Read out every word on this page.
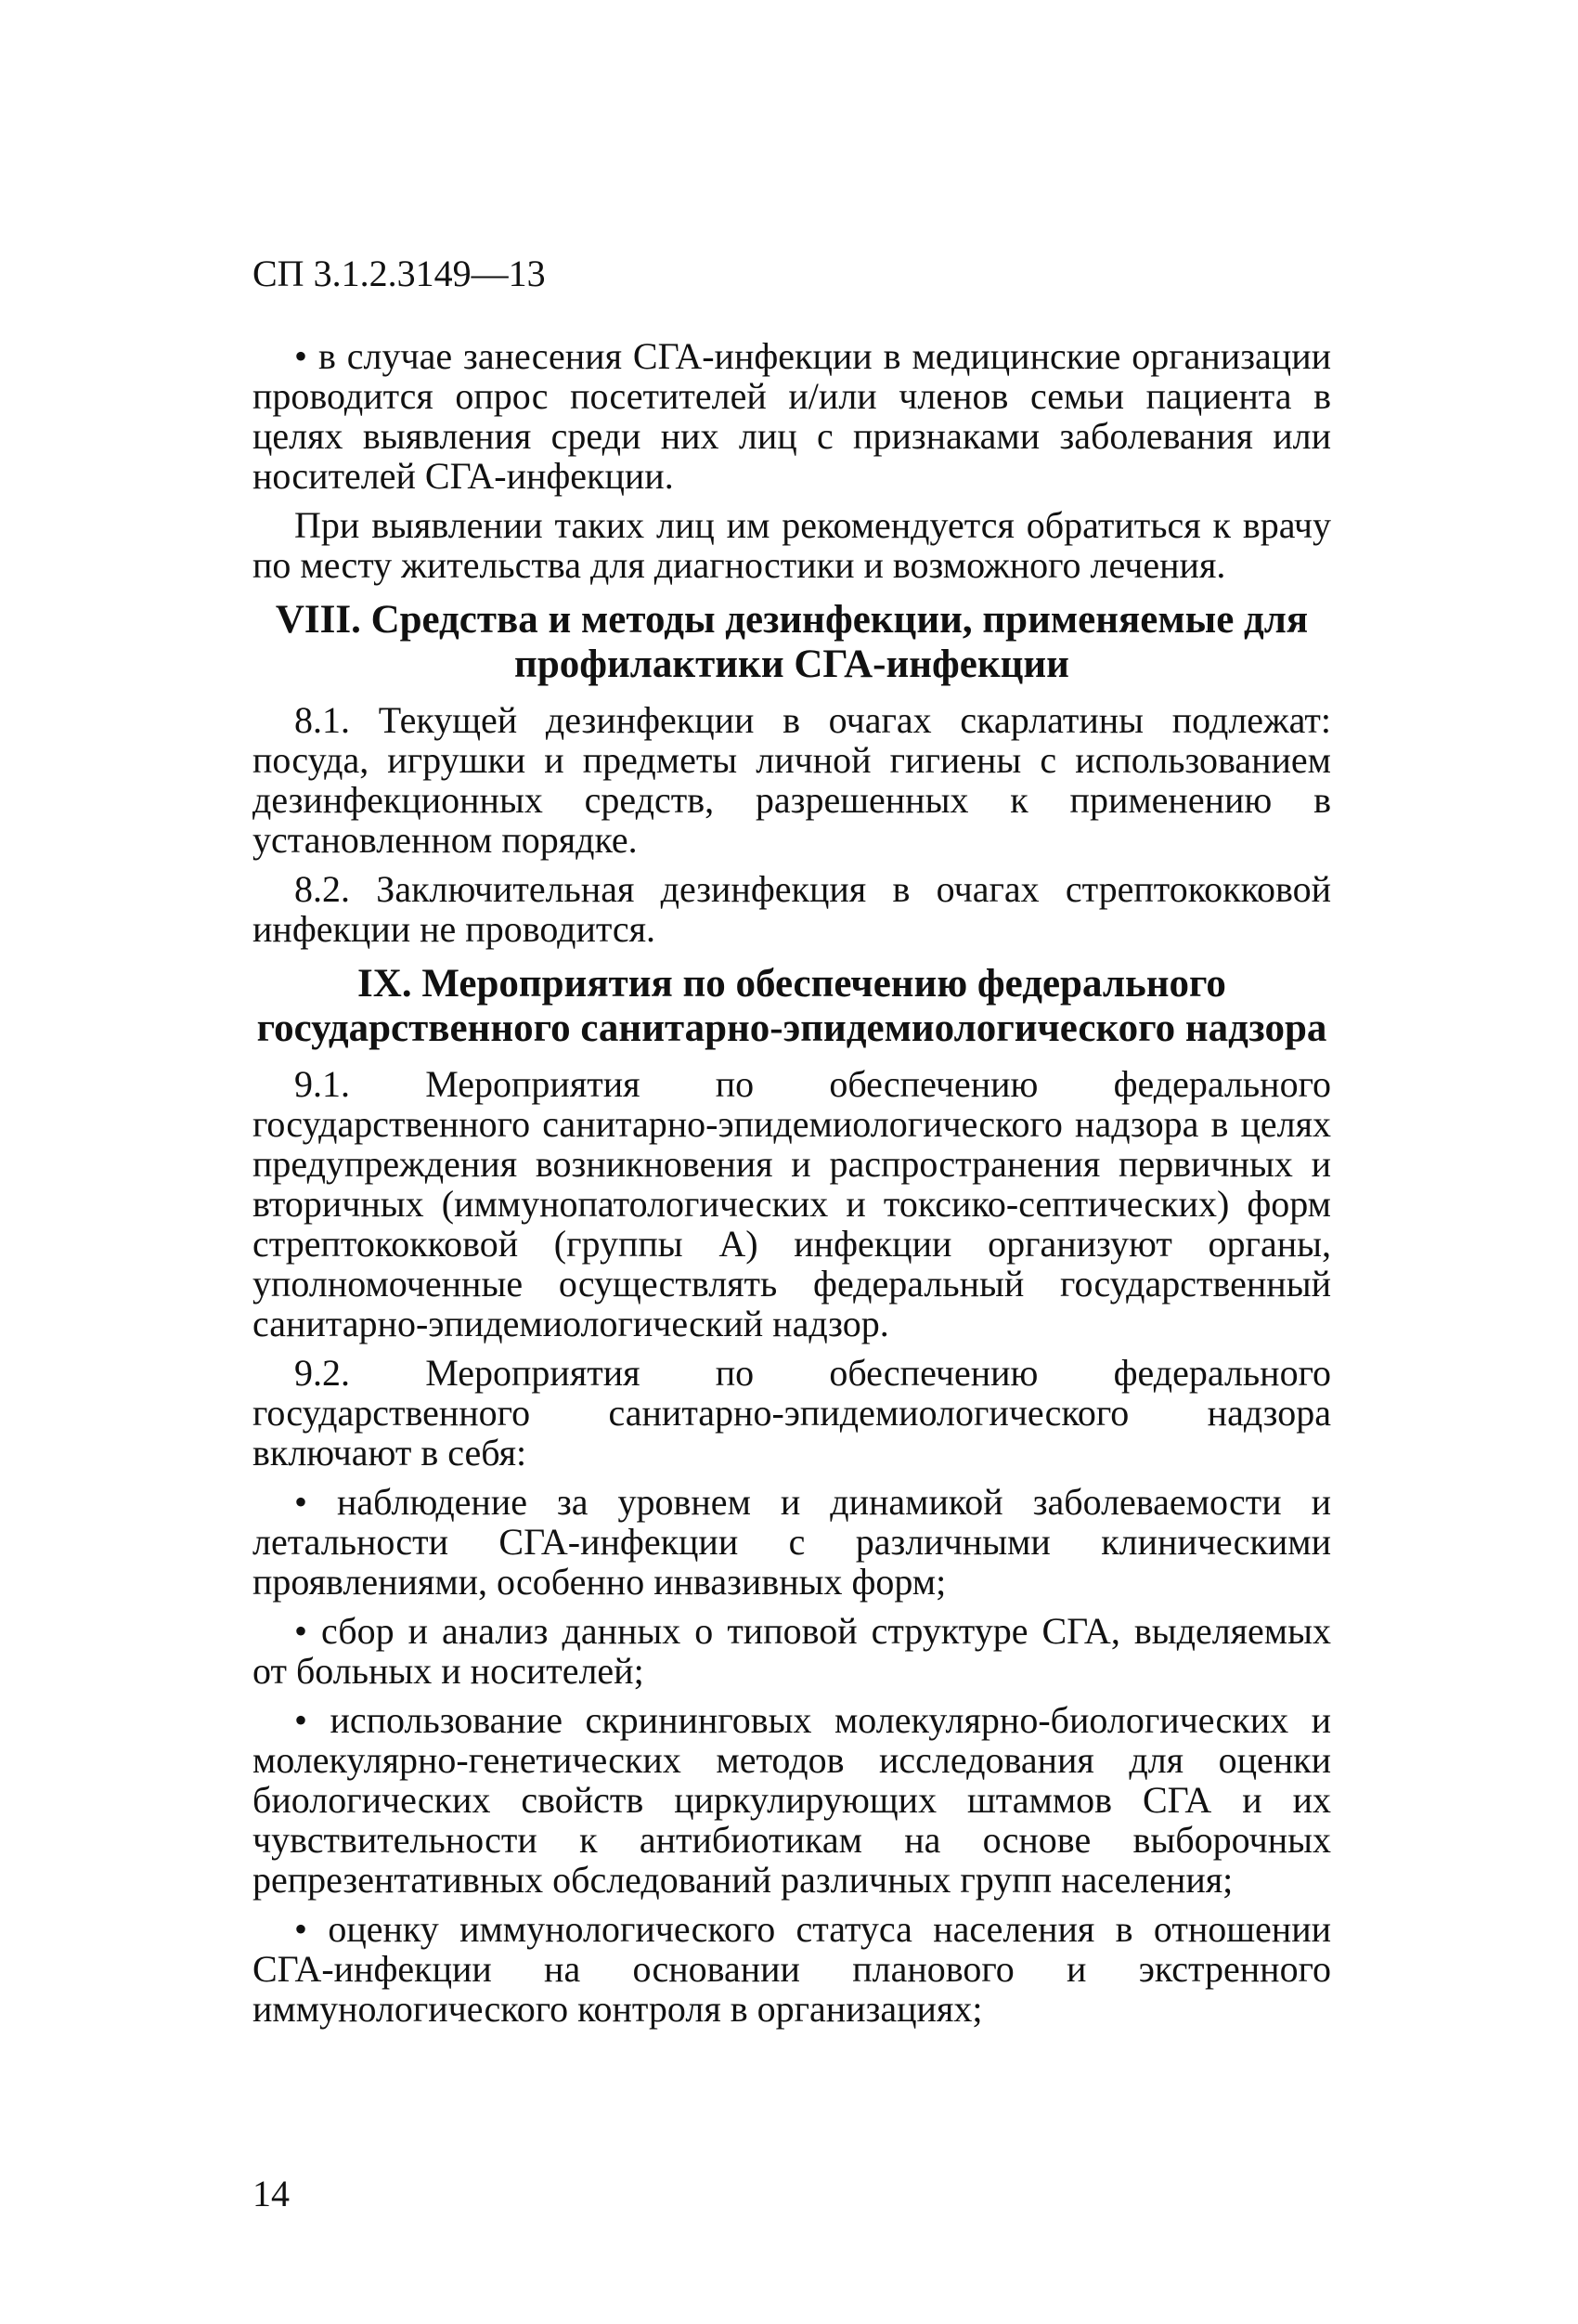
СП 3.1.2.3149—13

• в случае занесения СГА-инфекции в медицинские организации проводится опрос посетителей и/или членов семьи пациента в целях выявления среди них лиц с признаками заболевания или носителей СГА-инфекции.

При выявлении таких лиц им рекомендуется обратиться к врачу по месту жительства для диагностики и возможного лечения.

VIII. Средства и методы дезинфекции, применяемые для профилактики СГА-инфекции

8.1. Текущей дезинфекции в очагах скарлатины подлежат: посуда, игрушки и предметы личной гигиены с использованием дезинфекционных средств, разрешенных к применению в установленном порядке.

8.2. Заключительная дезинфекция в очагах стрептококковой инфекции не проводится.

IX. Мероприятия по обеспечению федерального государственного санитарно-эпидемиологического надзора

9.1. Мероприятия по обеспечению федерального государственного санитарно-эпидемиологического надзора в целях предупреждения возникновения и распространения первичных и вторичных (иммунопатологических и токсико-септических) форм стрептококковой (группы А) инфекции организуют органы, уполномоченные осуществлять федеральный государственный санитарно-эпидемиологический надзор.

9.2. Мероприятия по обеспечению федерального государственного санитарно-эпидемиологического надзора включают в себя:

• наблюдение за уровнем и динамикой заболеваемости и летальности СГА-инфекции с различными клиническими проявлениями, особенно инвазивных форм;

• сбор и анализ данных о типовой структуре СГА, выделяемых от больных и носителей;

• использование скрининговых молекулярно-биологических и молекулярно-генетических методов исследования для оценки биологических свойств циркулирующих штаммов СГА и их чувствительности к антибиотикам на основе выборочных репрезентативных обследований различных групп населения;

• оценку иммунологического статуса населения в отношении СГА-инфекции на основании планового и экстренного иммунологического контроля в организациях;

14
